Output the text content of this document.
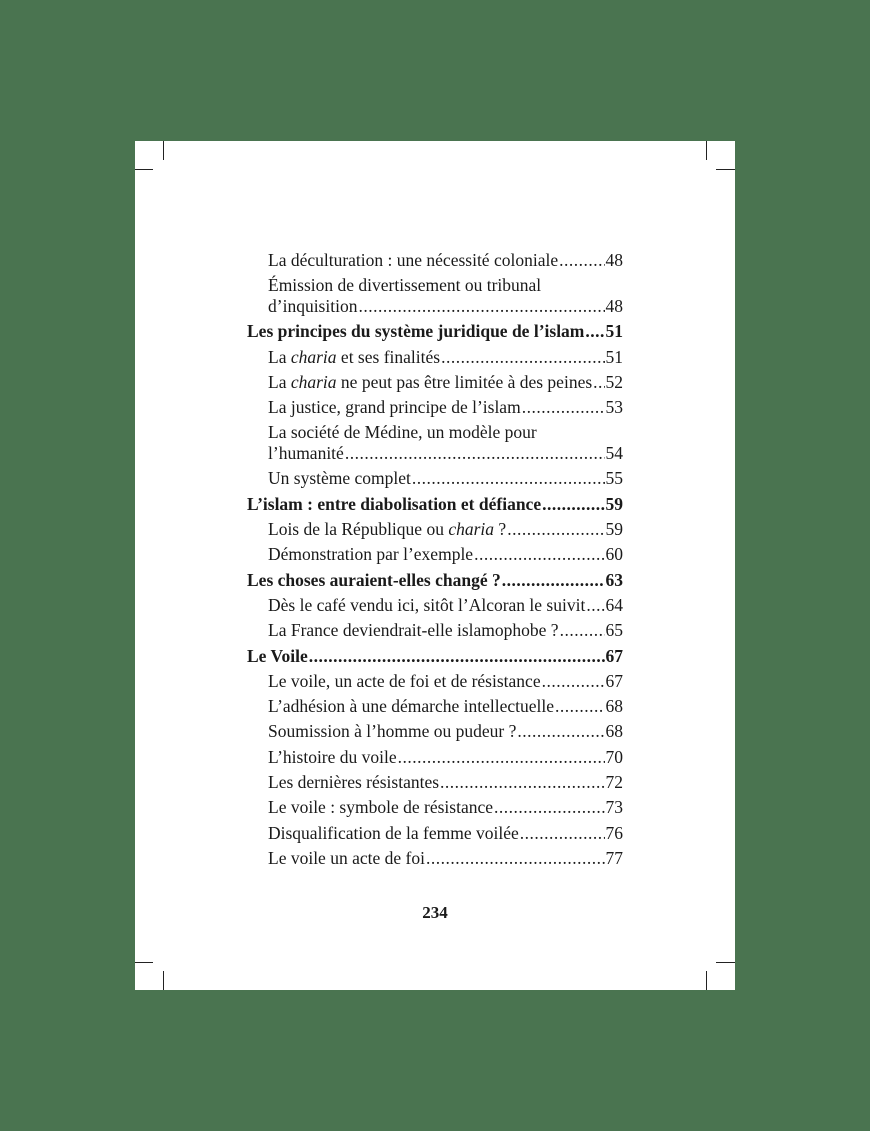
La déculturation : une nécessité coloniale .....	48
Émission de divertissement ou tribunal
d’inquisition .....	48
Les principes du système juridique de l’islam ..... 51
La charia et ses finalités .....	51
La charia ne peut pas être limitée à des peines ..... 52
La justice, grand principe de l’islam .....	53
La société de Médine, un modèle pour
l’humanité .....	54
Un système complet .....	55
L’islam : entre diabolisation et défiance .....	59
Lois de la République ou charia ? .....	59
Démonstration par l’exemple .....	60
Les choses auraient-elles changé ? .....	63
Dès le café vendu ici, sitôt l’Alcoran le suivit ..... 64
La France deviendrait-elle islamophobe ? .....	65
Le Voile .....	67
Le voile, un acte de foi et de résistance .....	67
L’adhésion à une démarche intellectuelle .....	68
Soumission à l’homme ou pudeur ? .....	68
L’histoire du voile .....	70
Les dernières résistantes .....	72
Le voile : symbole de résistance .....	73
Disqualification de la femme voilée .....	76
Le voile un acte de foi .....	77
234
